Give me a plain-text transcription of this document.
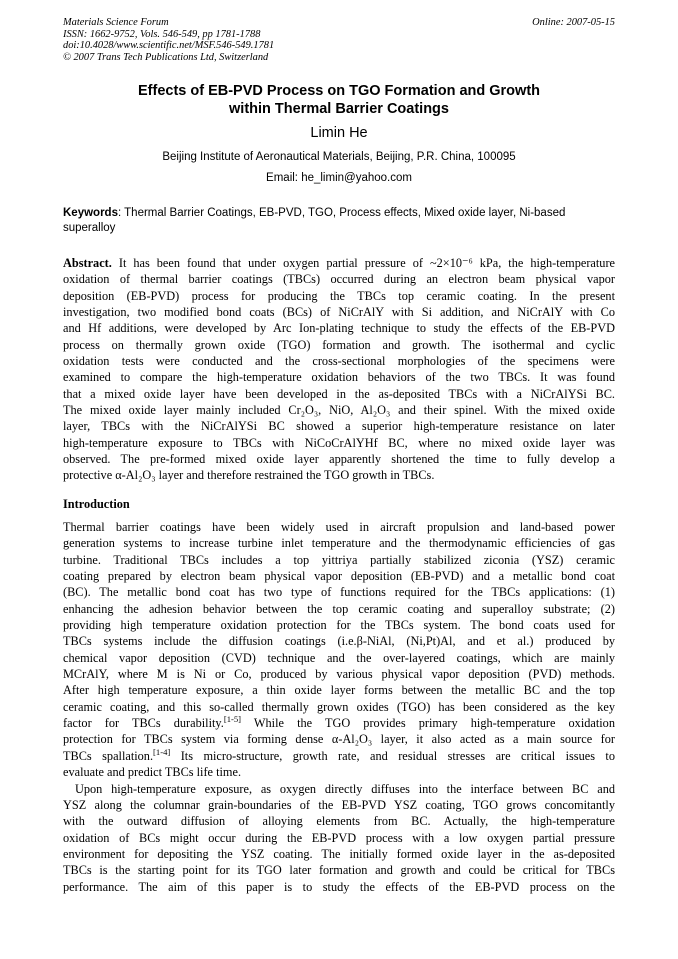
Materials Science Forum
ISSN: 1662-9752, Vols. 546-549, pp 1781-1788
doi:10.4028/www.scientific.net/MSF.546-549.1781
© 2007 Trans Tech Publications Ltd, Switzerland
Online: 2007-05-15
Effects of EB-PVD Process on TGO Formation and Growth
within Thermal Barrier Coatings
Limin He
Beijing Institute of Aeronautical Materials, Beijing, P.R. China, 100095
Email: he_limin@yahoo.com
Keywords: Thermal Barrier Coatings, EB-PVD, TGO, Process effects, Mixed oxide layer, Ni-based superalloy
Abstract. It has been found that under oxygen partial pressure of ~2×10⁻⁶ kPa, the high-temperature
oxidation of thermal barrier coatings (TBCs) occurred during an electron beam physical vapor
deposition (EB-PVD) process for producing the TBCs top ceramic coating. In the present
investigation, two modified bond coats (BCs) of NiCrAlY with Si addition, and NiCrAlY with Co
and Hf additions, were developed by Arc Ion-plating technique to study the effects of the EB-PVD
process on thermally grown oxide (TGO) formation and growth. The isothermal and cyclic
oxidation tests were conducted and the cross-sectional morphologies of the specimens were
examined to compare the high-temperature oxidation behaviors of the two TBCs. It was found
that a mixed oxide layer have been developed in the as-deposited TBCs with a NiCrAlYSi BC.
The mixed oxide layer mainly included Cr₂O₃, NiO, Al₂O₃ and their spinel. With the mixed oxide
layer, TBCs with the NiCrAlYSi BC showed a superior high-temperature resistance on later
high-temperature exposure to TBCs with NiCoCrAlYHf BC, where no mixed oxide layer was
observed. The pre-formed mixed oxide layer apparently shortened the time to fully develop a
protective α-Al₂O₃ layer and therefore restrained the TGO growth in TBCs.
Introduction
Thermal barrier coatings have been widely used in aircraft propulsion and land-based power
generation systems to increase turbine inlet temperature and the thermodynamic efficiencies of gas
turbine. Traditional TBCs includes a top yittriya partially stabilized ziconia (YSZ) ceramic
coating prepared by electron beam physical vapor deposition (EB-PVD) and a metallic bond coat
(BC). The metallic bond coat has two type of functions required for the TBCs applications: (1)
enhancing the adhesion behavior between the top ceramic coating and superalloy substrate; (2)
providing high temperature oxidation protection for the TBCs system. The bond coats used for
TBCs systems include the diffusion coatings (i.e.β-NiAl, (Ni,Pt)Al, and et al.) produced by
chemical vapor deposition (CVD) technique and the over-layered coatings, which are mainly
MCrAlY, where M is Ni or Co, produced by various physical vapor deposition (PVD) methods.
After high temperature exposure, a thin oxide layer forms between the metallic BC and the top
ceramic coating, and this so-called thermally grown oxides (TGO) has been considered as the key
factor for TBCs durability.[1-5] While the TGO provides primary high-temperature oxidation
protection for TBCs system via forming dense α-Al₂O₃ layer, it also acted as a main source for
TBCs spallation.[1-4] Its micro-structure, growth rate, and residual stresses are critical issues to
evaluate and predict TBCs life time.
Upon high-temperature exposure, as oxygen directly diffuses into the interface between BC and
YSZ along the columnar grain-boundaries of the EB-PVD YSZ coating, TGO grows concomitantly
with the outward diffusion of alloying elements from BC. Actually, the high-temperature
oxidation of BCs might occur during the EB-PVD process with a low oxygen partial pressure
environment for depositing the YSZ coating. The initially formed oxide layer in the as-deposited
TBCs is the starting point for its TGO later formation and growth and could be critical for TBCs
performance. The aim of this paper is to study the effects of the EB-PVD process on the
